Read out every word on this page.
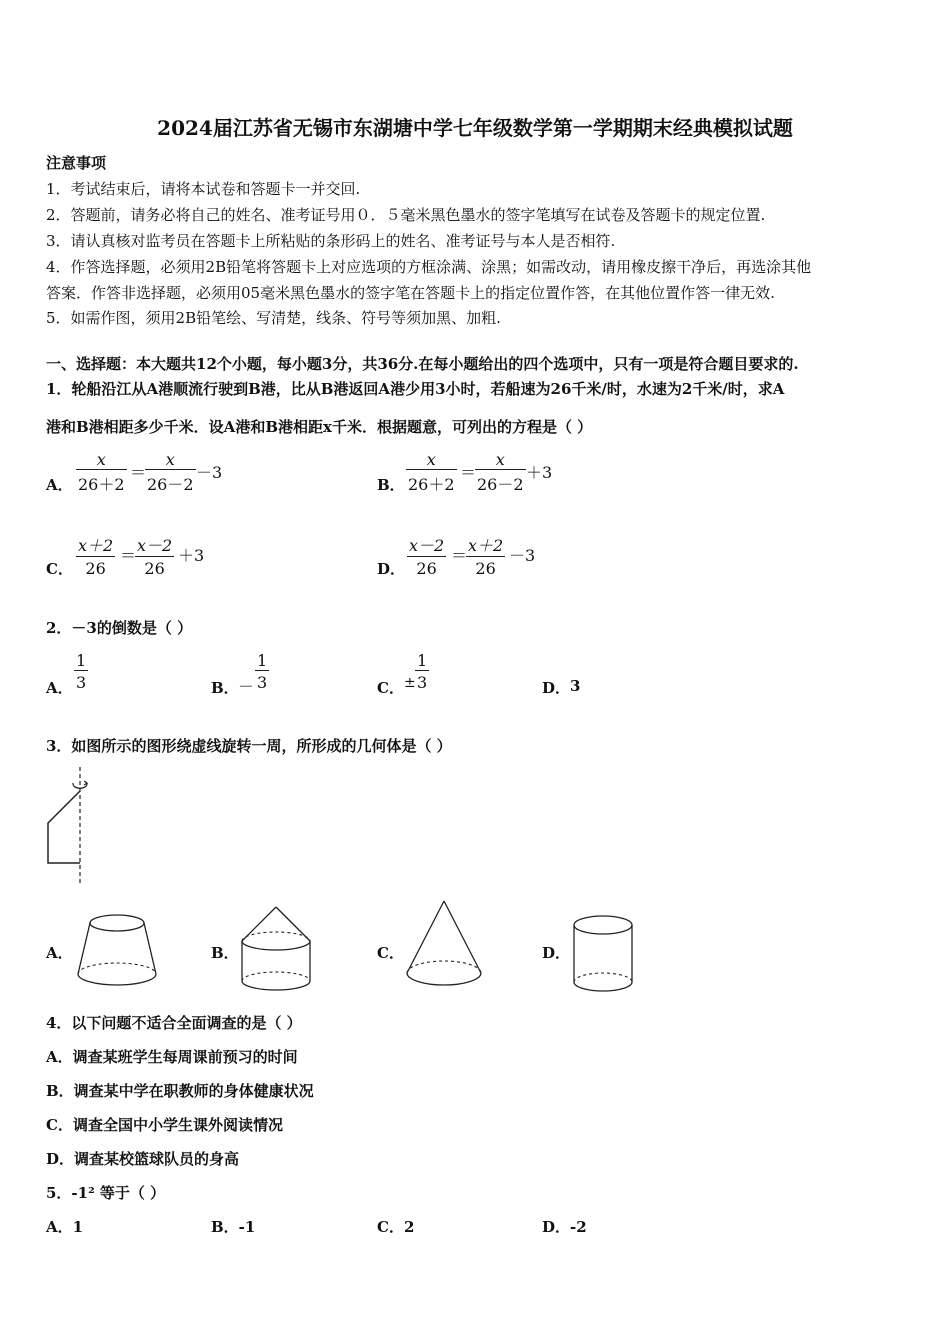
2024届江苏省无锡市东湖塘中学七年级数学第一学期期末经典模拟试题
注意事项
1．考试结束后，请将本试卷和答题卡一并交回.
2．答题前，请务必将自己的姓名、准考证号用０．５毫米黑色墨水的签字笔填写在试卷及答题卡的规定位置.
3．请认真核对监考员在答题卡上所粘贴的条形码上的姓名、准考证号与本人是否相符.
4．作答选择题，必须用2B铅笔将答题卡上对应选项的方框涂满、涂黑；如需改动，请用橡皮擦干净后，再选涂其他
答案．作答非选择题，必须用05毫米黑色墨水的签字笔在答题卡上的指定位置作答，在其他位置作答一律无效.
5．如需作图，须用2B铅笔绘、写清楚，线条、符号等须加黑、加粗.
一、选择题：本大题共12个小题，每小题3分，共36分.在每小题给出的四个选项中，只有一项是符合题目要求的.
1．轮船沿江从A港顺流行驶到B港，比从B港返回A港少用3小时，若船速为26千米/时，水速为2千米/时，求A
港和B港相距多少千米．设A港和B港相距x千米．根据题意，可列出的方程是（ ）
A． $\frac{x}{26+2}$ ＝
$\frac{x}{26-2} -3$
B． $\frac{x}{26+2}$ ＝
$\frac{x}{26-2} +3$
C． $\frac{x+2}{26}$ ＝
$\frac{x-2}{26} +3$
D． $\frac{x-2}{26}$ ＝
$\frac{x+2}{26} -3$
2．－3的倒数是（ ）
A． $\frac{1}{3}$	B． － $\frac{1}{3}$	C． ± $\frac{1}{3}$	D． 3
3．如图所示的图形绕虚线旋转一周，所形成的几何体是（ ）
A．	B．	C．	D．
4．以下问题不适合全面调查的是（ ）
A．调查某班学生每周课前预习的时间
B．调查某中学在职教师的身体健康状况
C．调查全国中小学生课外阅读情况
D．调查某校篮球队员的身高
5．-1² 等于（ ）
A．1	B．-1	C．2	D．-2
